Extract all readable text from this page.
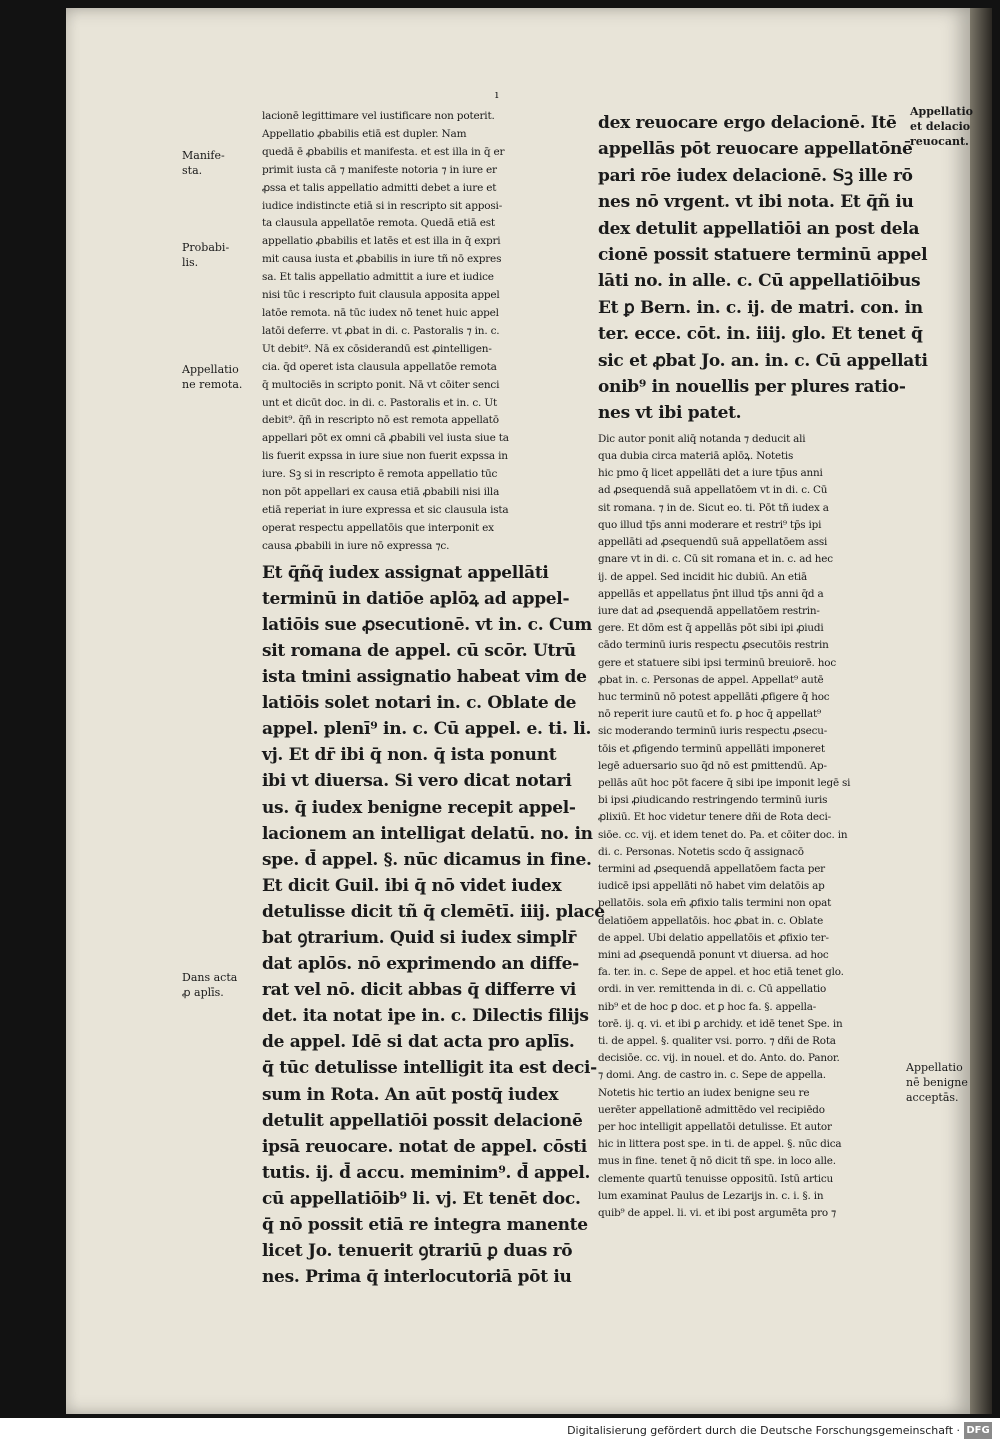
ı
Manife-
sta.
Probabi-
lis.
Appellatio
ne remota.
Dans acta
ꝓ aplīs.
Appellatio
et delacio
reuocant.
Appellatio
nē benigne
acceptās.
lacionē legittimare vel iustificare non poterit.
Appellatio ꝓbabilis etiā est dupler. Nam
quedā ē ꝓbabilis et manifesta. et est illa in q̄ er
primit iusta cā ⁊ manifeste notoria ⁊ in iure er
ꝓssa et talis appellatio admitti debet a iure et
iudice indistincte etiā si in rescripto sit apposi-
ta clausula appellatōe remota. Quedā etiā est
appellatio ꝓbabilis et latēs et est illa in q̄ expri
mit causa iusta et ꝓbabilis in iure tñ nō expres
sa. Et talis appellatio admittit a iure et iudice
nisi tūc i rescripto fuit clausula apposita appel
latōe remota. nā tūc iudex nō tenet huic appel
latōi deferre. vt ꝓbat in di. c. Pastoralis ⁊ in. c.
Ut debit⁹. Nā ex cōsiderandū est ꝓintelligen-
cia. q̄d operet ista clausula appellatōe remota
q̄ multociēs in scripto ponit. Nā vt cōiter senci
unt et dicūt doc. in di. c. Pastoralis et in. c. Ut
debit⁹. q̄ñ in rescripto nō est remota appellatō
appellari pōt ex omni cā ꝓbabili vel iusta siue ta
lis fuerit expssa in iure siue non fuerit expssa in
iure. Sꝫ si in rescripto ē remota appellatio tūc
non pōt appellari ex causa etiā ꝓbabili nisi illa
etiā reperiat in iure expressa et sic clausula ista
operat respectu appellatōis que interponit ex
causa ꝓbabili in iure nō expressa ⁊c.
Et q̄ñq̄ iudex assignat appellāti
terminū in datiōe aplōꝝ ad appel-
latiōis sue ꝓsecutionē. vt in. c. Cum
sit romana de appel. cū scōr. Utrū
ista tmini assignatio habeat vim de
latiōis solet notari in. c. Oblate de
appel. plenī⁹ in. c. Cū appel. e. ti. li.
vj. Et dr̄ ibi q̄ non. q̄ ista ponunt
ibi vt diuersa. Si vero dicat notari
us. q̄ iudex benigne recepit appel-
lacionem an intelligat delatū. no. in
spe. d̄ appel. §. nūc dicamus in fine.
Et dicit Guil. ibi q̄ nō videt iudex
detulisse dicit tñ q̄ clemētī. iiij. place
bat ꝯtrarium. Quid si iudex simplr̄
dat aplōs. nō exprimendo an diffe-
rat vel nō. dicit abbas q̄ differre vi
det. ita notat ipe in. c. Dilectis filijs
de appel. Idē si dat acta pro aplīs.
q̄ tūc detulisse intelligit ita est deci-
sum in Rota. An aūt postq̄ iudex
detulit appellatiōi possit delacionē
ipsā reuocare. notat de appel. cōsti
tutis. ij. d̄ accu. meminim⁹. d̄ appel.
cū appellatiōib⁹ li. vj. Et tenēt doc.
q̄ nō possit etiā re integra manente
licet Jo. tenuerit ꝯtrariū ꝑ duas rō
nes. Prima q̄ interlocutoriā pōt iu
dex reuocare ergo delacionē. Itē
appellās pōt reuocare appellatōnē
pari rōe iudex delacionē. Sꝫ ille rō
nes nō vrgent. vt ibi nota. Et q̄ñ iu
dex detulit appellatiōi an post dela
cionē possit statuere terminū appel
lāti no. in alle. c. Cū appellatiōibus
Et ꝑ Bern. in. c. ij. de matri. con. in
ter. ecce. cōt. in. iiij. glo. Et tenet q̄
sic et ꝓbat Jo. an. in. c. Cū appellati
onib⁹ in nouellis per plures ratio-
nes vt ibi patet.
Dic autor ponit aliq̄ notanda ⁊ deducit ali
qua dubia circa materiā aplōꝝ. Notetis
hic pmo q̄ licet appellāti det a iure tp̄us anni
ad ꝓsequendā suā appellatōem vt in di. c. Cū
sit romana. ⁊ in de. Sicut eo. ti. Pōt tñ iudex a
quo illud tp̄s anni moderare et restri⁹ tp̄s ipi
appellāti ad ꝓsequendū suā appellatōem assi
gnare vt in di. c. Cū sit romana et in. c. ad hec
ij. de appel. Sed incidit hic dubiū. An etiā
appellās et appellatus p̄nt illud tp̄s anni q̄d a
iure dat ad ꝓsequendā appellatōem restrin-
gere. Et dōm est q̄ appellās pōt sibi ipi ꝓiudi
cādo terminū iuris respectu ꝓsecutōis restrin
gere et statuere sibi ipsi terminū breuiorē. hoc
ꝓbat in. c. Personas de appel. Appellat⁹ autē
huc terminū nō potest appellāti ꝓfigere q̄ hoc
nō reperit iure cautū et fo. ꝑ hoc q̄ appellat⁹
sic moderando terminū iuris respectu ꝓsecu-
tōis et ꝓfigendo terminū appellāti imponeret
legē aduersario suo q̄d nō est ꝑmittendū. Ap-
pellās aūt hoc pōt facere q̄ sibi ipe imponit legē si
bi ipsi ꝓiudicando restringendo terminū iuris
ꝓlixiū. Et hoc videtur tenere dñi de Rota deci-
siōe. cc. vij. et idem tenet do. Pa. et cōiter doc. in
di. c. Personas. Notetis scdo q̄ assignacō
termini ad ꝓsequendā appellatōem facta per
iudicē ipsi appellāti nō habet vim delatōis ap
pellatōis. sola em̄ ꝓfixio talis termini non opat
delatiōem appellatōis. hoc ꝓbat in. c. Oblate
de appel. Ubi delatio appellatōis et ꝓfixio ter-
mini ad ꝓsequendā ponunt vt diuersa. ad hoc
fa. ter. in. c. Sepe de appel. et hoc etiā tenet glo.
ordi. in ver. remittenda in di. c. Cū appellatio
nib⁹ et de hoc ꝑ doc. et ꝑ hoc fa. §. appella-
torē. ij. q. vi. et ibi ꝑ archidy. et idē tenet Spe. in
ti. de appel. §. qualiter vsi. porro. ⁊ dñi de Rota
decisiōe. cc. vij. in nouel. et do. Anto. do. Panor.
⁊ domi. Ang. de castro in. c. Sepe de appella.
Notetis hic tertio an iudex benigne seu re
uerēter appellationē admittēdo vel recipiēdo
per hoc intelligit appellatōi detulisse. Et autor
hic in littera post spe. in ti. de appel. §. nūc dica
mus in fine. tenet q̄ nō dicit tñ spe. in loco alle.
clemente quartū tenuisse oppositū. Istū articu
lum examinat Paulus de Lezarijs in. c. i. §. in
quib⁹ de appel. li. vi. et ibi post argumēta pro ⁊
Digitalisierung gefördert durch die Deutsche Forschungsgemeinschaft · DFG
